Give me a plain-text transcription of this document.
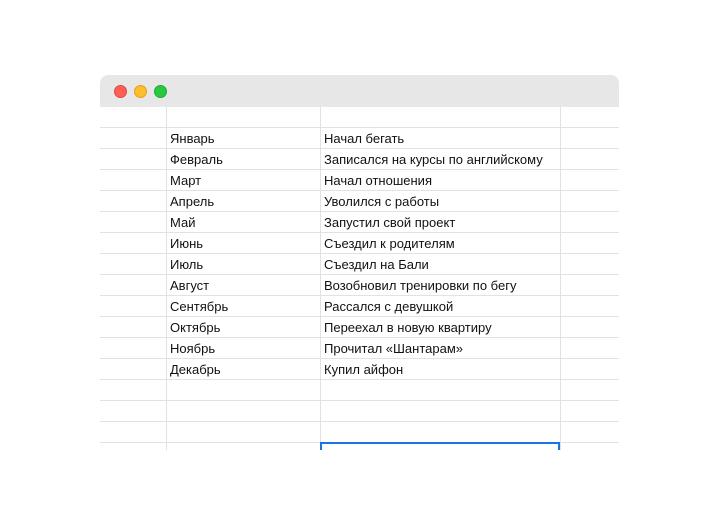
Январь	Начал бегать
Февраль	Записался на курсы по английскому
Март	Начал отношения
Апрель	Уволился с работы
Май	Запустил свой проект
Июнь	Съездил к родителям
Июль	Съездил на Бали
Август	Возобновил тренировки по бегу
Сентябрь	Рассался с девушкой
Октябрь	Переехал в новую квартиру
Ноябрь	Прочитал «Шантарам»
Декабрь	Купил айфон
